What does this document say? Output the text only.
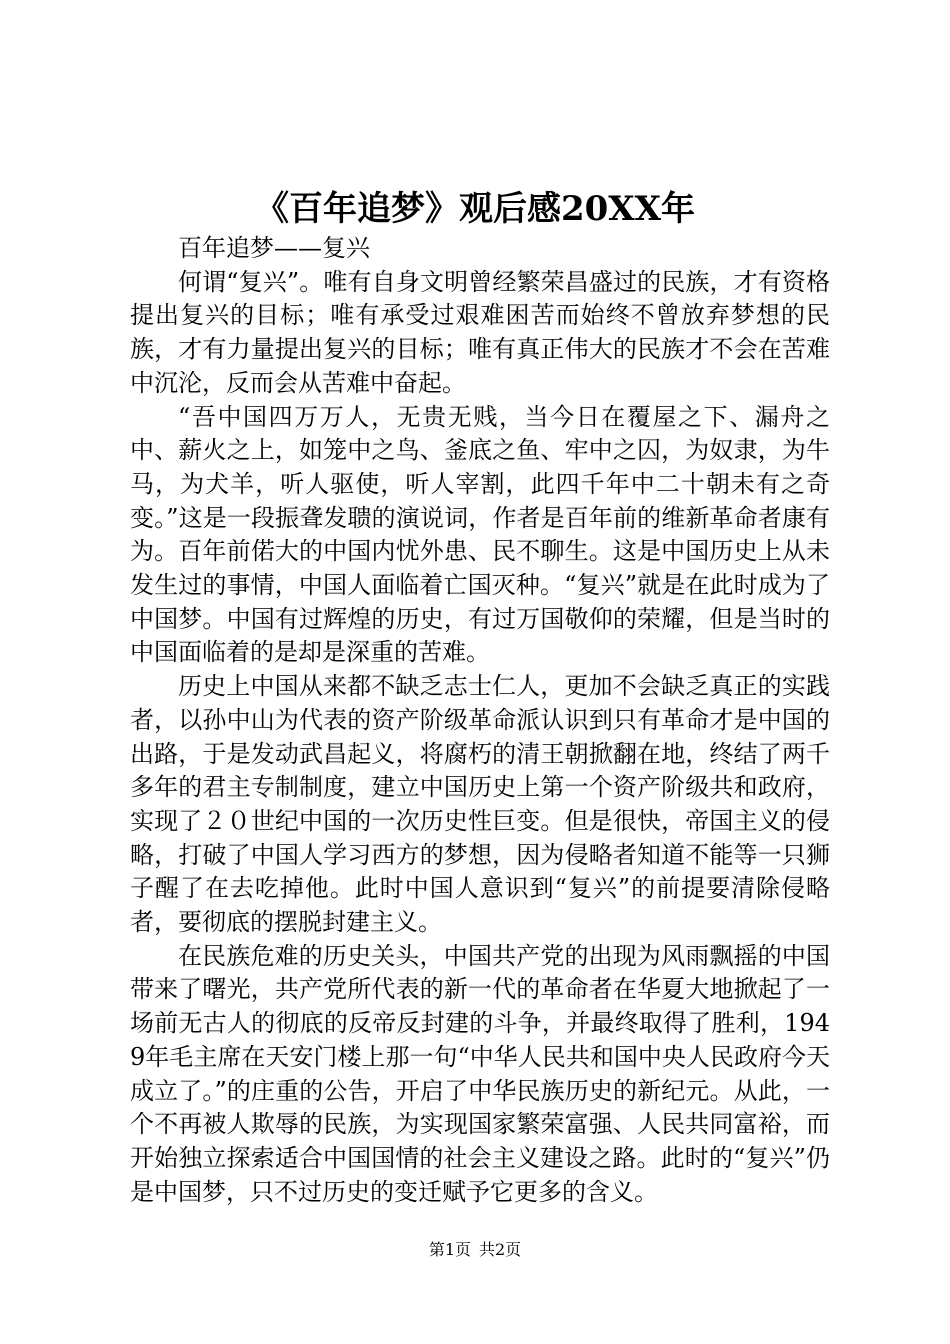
《百年追梦》观后感20XX年

百年追梦——复兴

何谓“复兴”。唯有自身文明曾经繁荣昌盛过的民族，才有资格提出复兴的目标；唯有承受过艰难困苦而始终不曾放弃梦想的民族，才有力量提出复兴的目标；唯有真正伟大的民族才不会在苦难中沉沦，反而会从苦难中奋起。

“吾中国四万万人，无贵无贱，当今日在覆屋之下、漏舟之中、薪火之上，如笼中之鸟、釜底之鱼、牢中之囚，为奴隶，为牛马，为犬羊，听人驱使，听人宰割，此四千年中二十朝未有之奇变。”这是一段振聋发聩的演说词，作者是百年前的维新革命者康有为。百年前偌大的中国内忧外患、民不聊生。这是中国历史上从未发生过的事情，中国人面临着亡国灭种。“复兴”就是在此时成为了中国梦。中国有过辉煌的历史，有过万国敬仰的荣耀，但是当时的中国面临着的是却是深重的苦难。

历史上中国从来都不缺乏志士仁人，更加不会缺乏真正的实践者，以孙中山为代表的资产阶级革命派认识到只有革命才是中国的出路，于是发动武昌起义，将腐朽的清王朝掀翻在地，终结了两千多年的君主专制制度，建立中国历史上第一个资产阶级共和政府，实现了２０世纪中国的一次历史性巨变。但是很快，帝国主义的侵略，打破了中国人学习西方的梦想，因为侵略者知道不能等一只狮子醒了在去吃掉他。此时中国人意识到“复兴”的前提要清除侵略者，要彻底的摆脱封建主义。

在民族危难的历史关头，中国共产党的出现为风雨飘摇的中国带来了曙光，共产党所代表的新一代的革命者在华夏大地掀起了一场前无古人的彻底的反帝反封建的斗争，并最终取得了胜利，1949年毛主席在天安门楼上那一句“中华人民共和国中央人民政府今天成立了。”的庄重的公告，开启了中华民族历史的新纪元。从此，一个不再被人欺辱的民族，为实现国家繁荣富强、人民共同富裕，而开始独立探索适合中国国情的社会主义建设之路。此时的“复兴”仍是中国梦，只不过历史的变迁赋予它更多的含义。

第1页 共2页
